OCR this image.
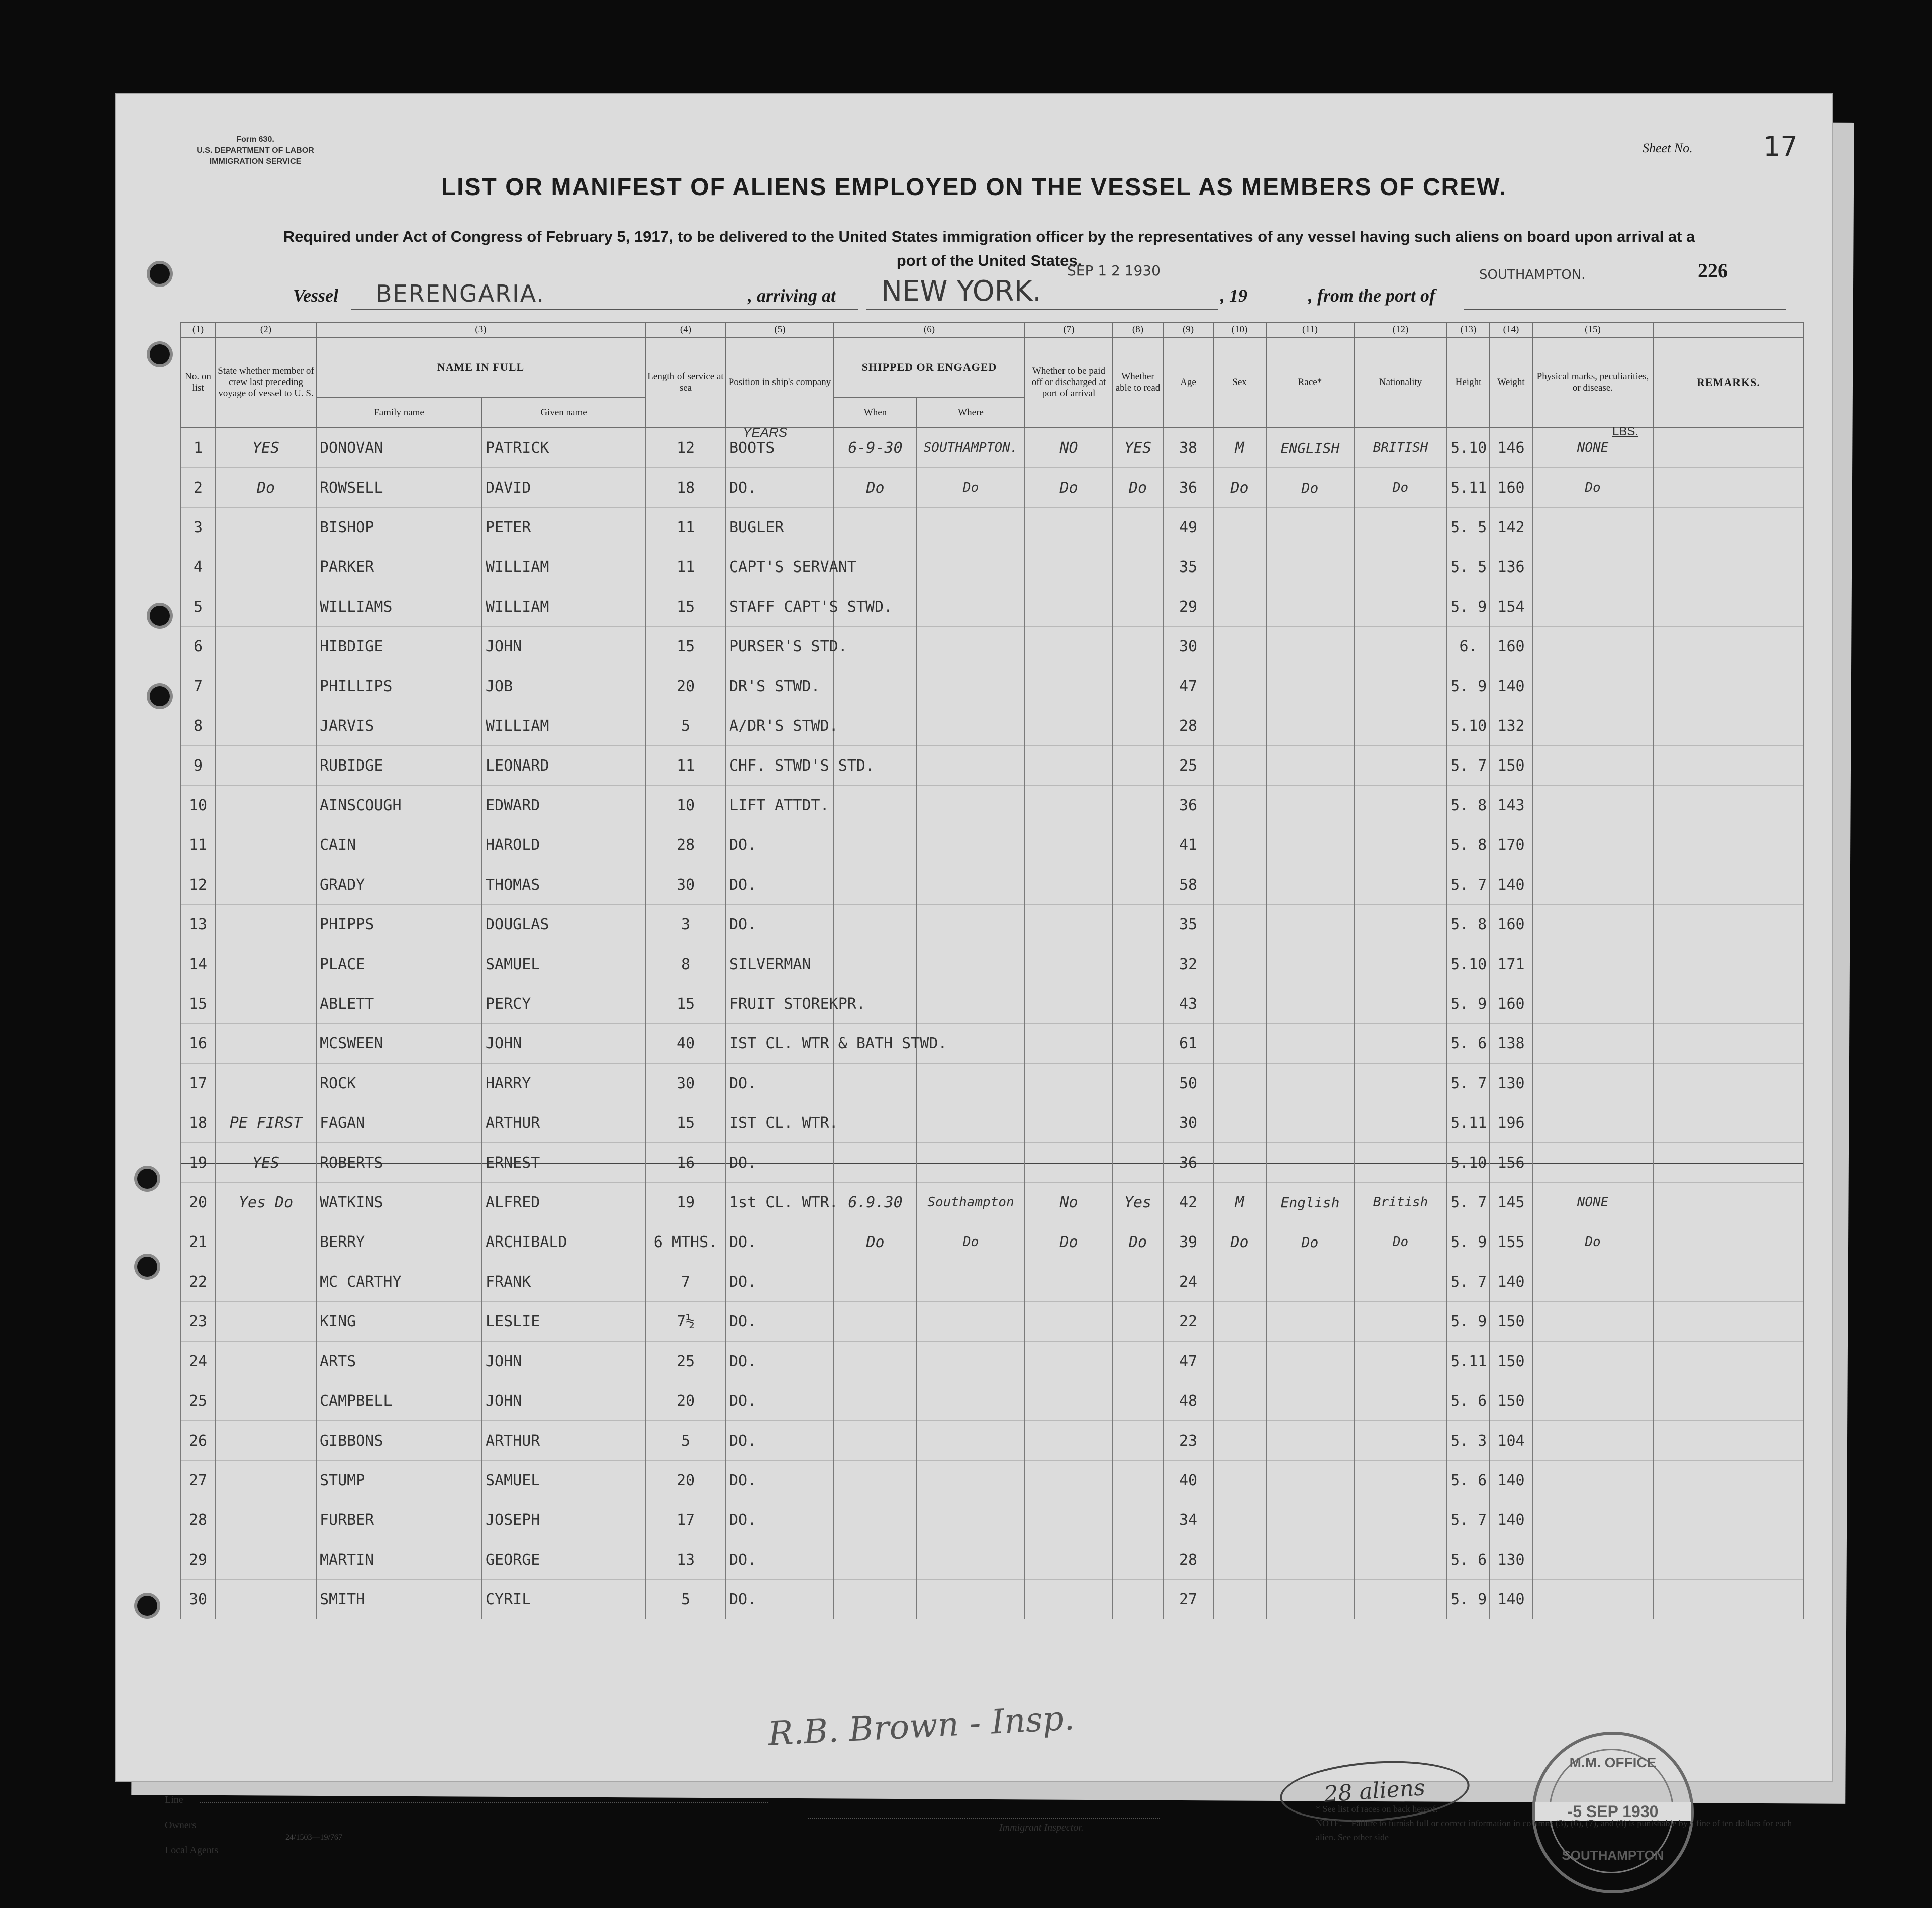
Form 630.
U.S. DEPARTMENT OF LABOR
IMMIGRATION SERVICE
Sheet No.	17
LIST OR MANIFEST OF ALIENS EMPLOYED ON THE VESSEL AS MEMBERS OF CREW.
Required under Act of Congress of February 5, 1917, to be delivered to the United States immigration officer by the representatives of any vessel having such aliens on board upon arrival at a port of the United States.	226
Vessel BERENGARIA.	, arriving at NEW YORK.
SEP 1 2 1930
, 19	, from the port of
SOUTHAMPTON.
(1)	(2)	(3)		(4)	(5)	(6)		(7)	(8)	(9)	(10)	(11)	(12)	(13)	(14)	(15)	
No. on list	State whether member of crew last preceding voyage of vessel to U. S.	NAME IN FULL		Length of service at sea	Position in ship's company	SHIPPED OR ENGAGED		Whether to be paid off or discharged at port of arrival	Whether able to read	Age	Sex	Race*	Nationality	Height	Weight	Physical marks, peculiarities, or disease.	REMARKS.
		Family name	Given name			When	Where										
1	YES	DONOVAN	PATRICK	12	BOOTS	6-9-30	SOUTHAMPTON.	NO	YES	38	M	ENGLISH	BRITISH	5.10	146	NONE	
2	Do	ROWSELL	DAVID	18	DO.	Do	Do	Do	Do	36	Do	Do	Do	5.11	160	Do	
3		BISHOP	PETER	11	BUGLER					49				5. 5	142		
4		PARKER	WILLIAM	11	CAPT'S SERVANT					35				5. 5	136		
5		WILLIAMS	WILLIAM	15	STAFF CAPT'S STWD.					29				5. 9	154		
6		HIBDIGE	JOHN	15	PURSER'S STD.					30				6.	160		
7		PHILLIPS	JOB	20	DR'S STWD.					47				5. 9	140		
8		JARVIS	WILLIAM	5	A/DR'S STWD.					28				5.10	132		
9		RUBIDGE	LEONARD	11	CHF. STWD'S STD.					25				5. 7	150		
10		AINSCOUGH	EDWARD	10	LIFT ATTDT.					36				5. 8	143		
11		CAIN	HAROLD	28	DO.					41				5. 8	170		
12		GRADY	THOMAS	30	DO.					58				5. 7	140		
13		PHIPPS	DOUGLAS	3	DO.					35				5. 8	160		
14		PLACE	SAMUEL	8	SILVERMAN					32				5.10	171		
15		ABLETT	PERCY	15	FRUIT STOREKPR.					43				5. 9	160		
16		MCSWEEN	JOHN	40	IST CL. WTR & BATH STWD.					61				5. 6	138		
17		ROCK	HARRY	30	DO.					50				5. 7	130		
18	PE FIRST	FAGAN	ARTHUR	15	IST CL. WTR.					30				5.11	196		
19	YES	ROBERTS	ERNEST	16	DO.					36				5.10	156		
20	Yes Do	WATKINS	ALFRED	19	1st CL. WTR.	6.9.30	Southampton	No	Yes	42	M	English	British	5. 7	145	NONE	
21		BERRY	ARCHIBALD	6 MTHS.	DO.	Do	Do	Do	Do	39	Do	Do	Do	5. 9	155	Do	
22		MC CARTHY	FRANK	7	DO.					24				5. 7	140		
23		KING	LESLIE	7½	DO.					22				5. 9	150		
24		ARTS	JOHN	25	DO.					47				5.11	150		
25		CAMPBELL	JOHN	20	DO.					48				5. 6	150		
26		GIBBONS	ARTHUR	5	DO.					23				5. 3	104		
27		STUMP	SAMUEL	20	DO.					40				5. 6	140		
28		FURBER	JOSEPH	17	DO.					34				5. 7	140		
29		MARTIN	GEORGE	13	DO.					28				5. 6	130		
30		SMITH	CYRIL	5	DO.					27				5. 9	140		
YEARS	LBS.
R.B. Brown - Insp.
28 aliens
M.M. OFFICE
-5 SEP 1930
SOUTHAMPTON
Line
Owners
Local Agents
Immigrant Inspector.
24/1503—19/767
* See list of races on back hereof.
NOTE.—Failure to furnish full or correct information in columns (3), (6), (7), and (8) is punishable by a fine of ten dollars for each alien. See other side
